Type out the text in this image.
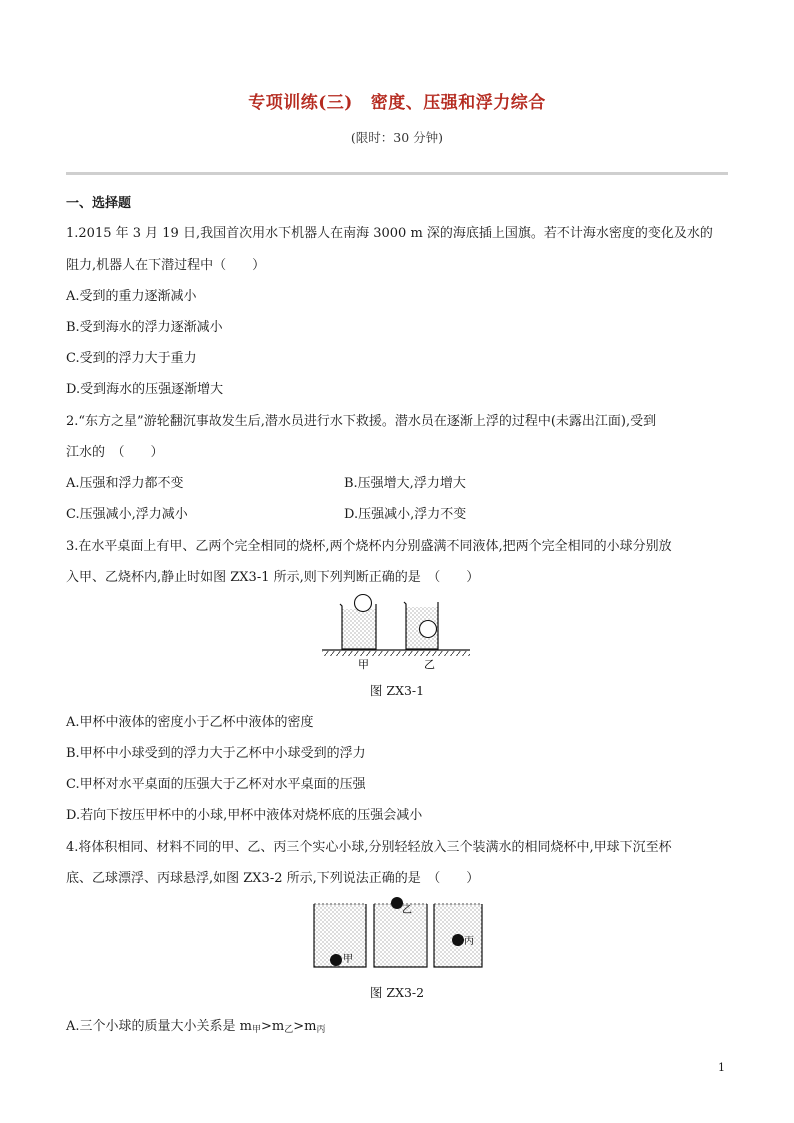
专项训练(三) 密度、压强和浮力综合
(限时：30 分钟)
一、选择题
1.2015 年 3 月 19 日,我国首次用水下机器人在南海 3000 m 深的海底插上国旗。若不计海水密度的变化及水的
阻力,机器人在下潜过程中（　　）
A.受到的重力逐渐减小
B.受到海水的浮力逐渐减小
C.受到的浮力大于重力
D.受到海水的压强逐渐增大
2.“东方之星”游轮翻沉事故发生后,潜水员进行水下救援。潜水员在逐渐上浮的过程中(未露出江面),受到
江水的　（　　）
A.压强和浮力都不变	B.压强增大,浮力增大
C.压强减小,浮力减小	D.压强减小,浮力不变
3.在水平桌面上有甲、乙两个完全相同的烧杯,两个烧杯内分别盛满不同液体,把两个完全相同的小球分别放
入甲、乙烧杯内,静止时如图 ZX3-1 所示,则下列判断正确的是　（　　）
甲	乙
图 ZX3-1
A.甲杯中液体的密度小于乙杯中液体的密度
B.甲杯中小球受到的浮力大于乙杯中小球受到的浮力
C.甲杯对水平桌面的压强大于乙杯对水平桌面的压强
D.若向下按压甲杯中的小球,甲杯中液体对烧杯底的压强会减小
4.将体积相同、材料不同的甲、乙、丙三个实心小球,分别轻轻放入三个装满水的相同烧杯中,甲球下沉至杯
底、乙球漂浮、丙球悬浮,如图 ZX3-2 所示,下列说法正确的是　（　　）
甲
乙
丙
图 ZX3-2
A.三个小球的质量大小关系是 $m_甲>m_乙>m_丙$
1
